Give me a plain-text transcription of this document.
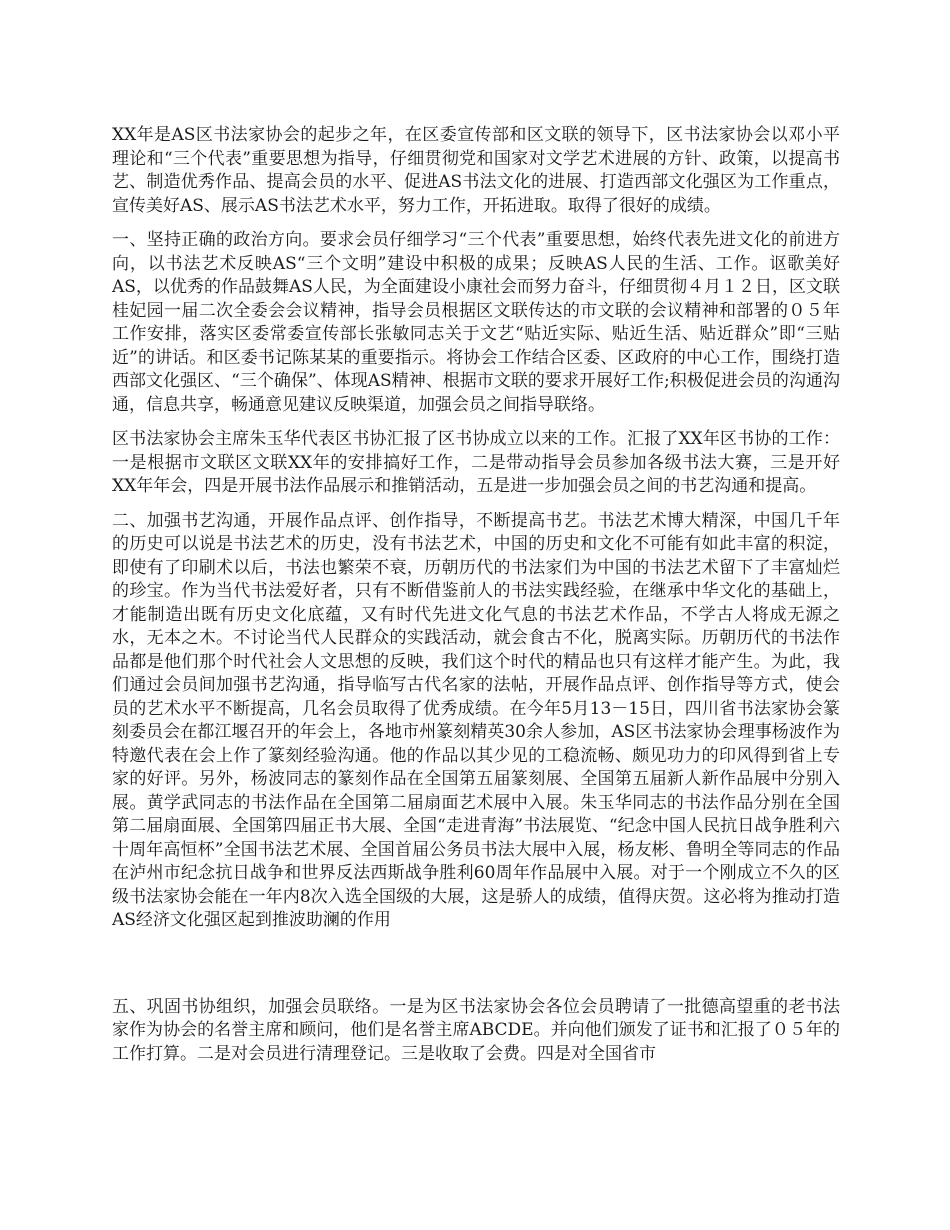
XX年是AS区书法家协会的起步之年，在区委宣传部和区文联的领导下，区书法家协会以邓小平理论和“三个代表”重要思想为指导，仔细贯彻党和国家对文学艺术进展的方针、政策，以提高书艺、制造优秀作品、提高会员的水平、促进AS书法文化的进展、打造西部文化强区为工作重点，宣传美好AS、展示AS书法艺术水平，努力工作，开拓进取。取得了很好的成绩。

一、坚持正确的政治方向。要求会员仔细学习“三个代表”重要思想，始终代表先进文化的前进方向，以书法艺术反映AS“三个文明”建设中积极的成果；反映AS人民的生活、工作。讴歌美好AS，以优秀的作品鼓舞AS人民，为全面建设小康社会而努力奋斗，仔细贯彻４月１２日，区文联桂妃园一届二次全委会会议精神，指导会员根据区文联传达的市文联的会议精神和部署的０５年工作安排，落实区委常委宣传部长张敏同志关于文艺“贴近实际、贴近生活、贴近群众”即“三贴近”的讲话。和区委书记陈某某的重要指示。将协会工作结合区委、区政府的中心工作，围绕打造西部文化强区、“三个确保”、体现AS精神、根据市文联的要求开展好工作;积极促进会员的沟通沟通，信息共享，畅通意见建议反映渠道，加强会员之间指导联络。

区书法家协会主席朱玉华代表区书协汇报了区书协成立以来的工作。汇报了XX年区书协的工作：一是根据市文联区文联XX年的安排搞好工作，二是带动指导会员参加各级书法大赛，三是开好XX年年会，四是开展书法作品展示和推销活动，五是进一步加强会员之间的书艺沟通和提高。

二、加强书艺沟通，开展作品点评、创作指导，不断提高书艺。书法艺术博大精深，中国几千年的历史可以说是书法艺术的历史，没有书法艺术，中国的历史和文化不可能有如此丰富的积淀，即使有了印刷术以后，书法也繁荣不衰，历朝历代的书法家们为中国的书法艺术留下了丰富灿烂的珍宝。作为当代书法爱好者，只有不断借鉴前人的书法实践经验，在继承中华文化的基础上，才能制造出既有历史文化底蕴，又有时代先进文化气息的书法艺术作品，不学古人将成无源之水，无本之木。不讨论当代人民群众的实践活动，就会食古不化，脱离实际。历朝历代的书法作品都是他们那个时代社会人文思想的反映，我们这个时代的精品也只有这样才能产生。为此，我们通过会员间加强书艺沟通，指导临写古代名家的法帖，开展作品点评、创作指导等方式，使会员的艺术水平不断提高，几名会员取得了优秀成绩。在今年5月13－15日，四川省书法家协会篆刻委员会在都江堰召开的年会上，各地市州篆刻精英30余人参加，AS区书法家协会理事杨波作为特邀代表在会上作了篆刻经验沟通。他的作品以其少见的工稳流畅、颇见功力的印风得到省上专家的好评。另外，杨波同志的篆刻作品在全国第五届篆刻展、全国第五届新人新作品展中分别入展。黄学武同志的书法作品在全国第二届扇面艺术展中入展。朱玉华同志的书法作品分别在全国第二届扇面展、全国第四届正书大展、全国“走进青海”书法展览、“纪念中国人民抗日战争胜利六十周年高恒杯”全国书法艺术展、全国首届公务员书法大展中入展，杨友彬、鲁明全等同志的作品在泸州市纪念抗日战争和世界反法西斯战争胜利60周年作品展中入展。对于一个刚成立不久的区级书法家协会能在一年内8次入选全国级的大展，这是骄人的成绩，值得庆贺。这必将为推动打造AS经济文化强区起到推波助澜的作用

五、巩固书协组织，加强会员联络。一是为区书法家协会各位会员聘请了一批德高望重的老书法家作为协会的名誉主席和顾问，他们是名誉主席ABCDE。并向他们颁发了证书和汇报了０５年的工作打算。二是对会员进行清理登记。三是收取了会费。四是对全国省市
